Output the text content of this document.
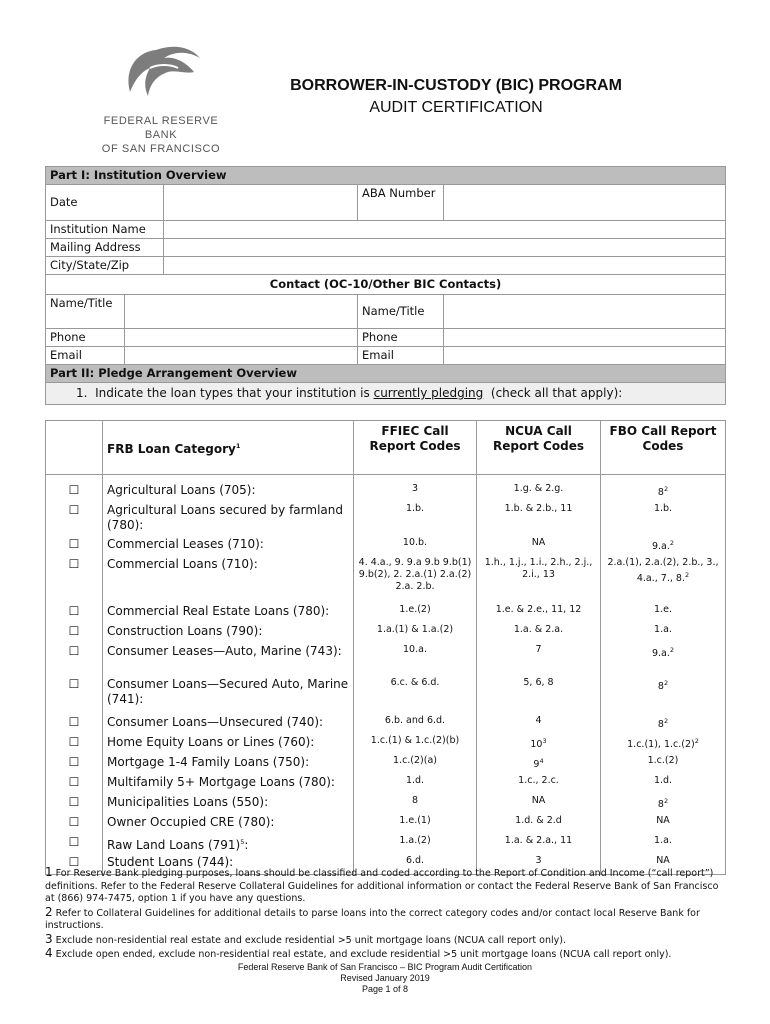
FEDERAL RESERVE BANK
OF SAN FRANCISCO
BORROWER-IN-CUSTODY (BIC) PROGRAM
AUDIT CERTIFICATION
Part I: Institution Overview				
Date			ABA Number	
Institution Name				
Mailing Address				
City/State/Zip				
Contact (OC-10/Other BIC Contacts)				
Name/Title			Name/Title	
Phone			Phone	
Email			Email	
Part II: Pledge Arrangement Overview				
1.  Indicate the loan types that your institution is currently pledging  (check all that apply):				
	FRB Loan Category$^1$	FFIEC Call Report Codes	NCUA Call Report Codes	FBO Call Report Codes

☐	Agricultural Loans (705):	3	1.g. & 2.g.	$8^2$
☐	Agricultural Loans secured by farmland (780):	1.b.	1.b. & 2.b., 11	1.b.
☐	Commercial Leases (710):	10.b.	NA	9.a.$^2$
☐	Commercial Loans (710):	4. 4.a., 9. 9.a 9.b 9.b(1) 9.b(2), 2. 2.a.(1) 2.a.(2) 2.a. 2.b.	1.h., 1.j., 1.i., 2.h., 2.j., 2.i., 13	2.a.(1), 2.a.(2), 2.b., 3., 4.a., 7., 8.$^2$
☐	Commercial Real Estate Loans (780):	1.e.(2)	1.e. & 2.e., 11, 12	1.e.
☐	Construction Loans (790):	1.a.(1) & 1.a.(2)	1.a. & 2.a.	1.a.
☐	Consumer Leases—Auto, Marine (743):	10.a.	7	9.a.$^2$
☐	Consumer Loans—Secured Auto, Marine (741):	6.c. & 6.d.	5, 6, 8	$8^2$
☐	Consumer Loans—Unsecured (740):	6.b. and 6.d.	4	$8^2$
☐	Home Equity Loans or Lines (760):	1.c.(1) & 1.c.(2)(b)	$10^3$	1.c.(1), $1.c.(2)^2$
☐	Mortgage 1-4 Family Loans (750):	1.c.(2)(a)	$9^4$	1.c.(2)
☐	Multifamily 5+ Mortgage Loans (780):	1.d.	1.c., 2.c.	1.d.
☐	Municipalities Loans (550):	8	NA	$8^2$
☐	Owner Occupied CRE (780):	1.e.(1)	1.d. & 2.d	NA
☐	Raw Land Loans $(791)^5$:	1.a.(2)	1.a. & 2.a., 11	1.a.
☐	Student Loans (744):	6.d.	3	NA

1 For Reserve Bank pledging purposes, loans should be classified and coded according to the Report of Condition and Income (“call report”) definitions. Refer to the Federal Reserve Collateral Guidelines for additional information or contact the Federal Reserve Bank of San Francisco at (866) 974-7475, option 1 if you have any questions.

2 Refer to Collateral Guidelines for additional details to parse loans into the correct category codes and/or contact local Reserve Bank for instructions.

3 Exclude non-residential real estate and exclude residential >5 unit mortgage loans (NCUA call report only).

4 Exclude open ended, exclude non-residential real estate, and exclude residential >5 unit mortgage loans (NCUA call report only).

Federal Reserve Bank of San Francisco – BIC Program Audit Certification
Revised January 2019
Page 1 of 8
